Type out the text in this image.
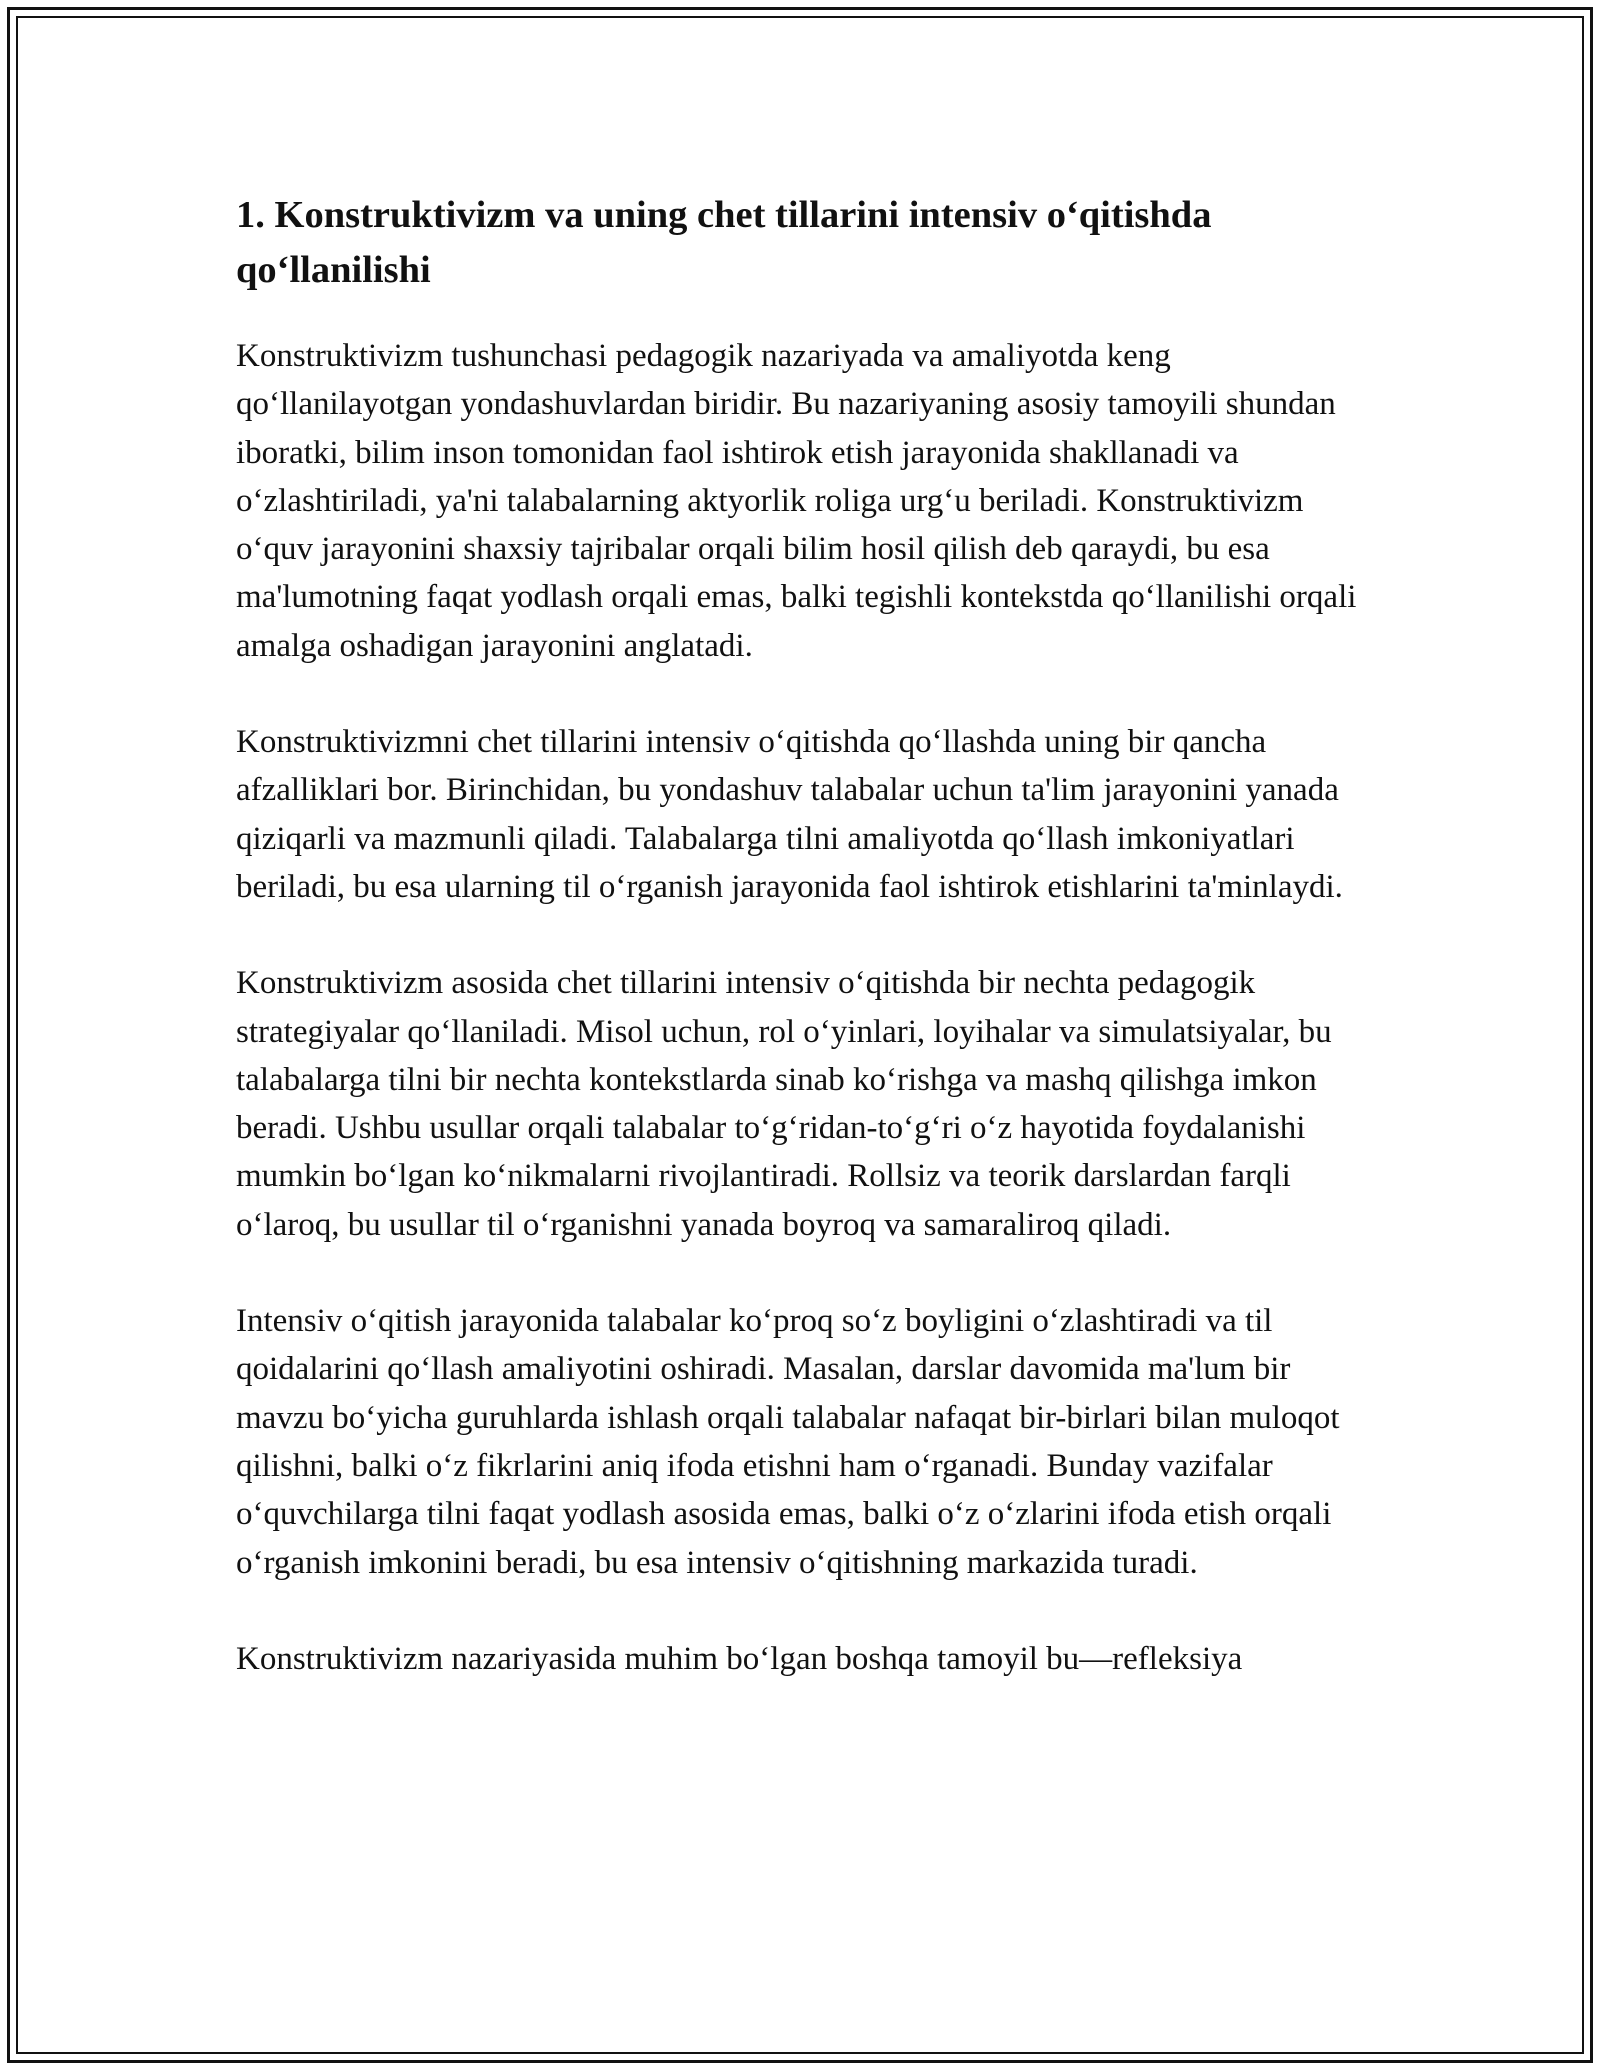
1. Konstruktivizm va uning chet tillarini intensiv o‘qitishda qo‘llanilishi

Konstruktivizm tushunchasi pedagogik nazariyada va amaliyotda keng qo‘llanilayotgan yondashuvlardan biridir. Bu nazariyaning asosiy tamoyili shundan iboratki, bilim inson tomonidan faol ishtirok etish jarayonida shakllanadi va o‘zlashtiriladi, ya'ni talabalarning aktyorlik roliga urg‘u beriladi. Konstruktivizm o‘quv jarayonini shaxsiy tajribalar orqali bilim hosil qilish deb qaraydi, bu esa ma'lumotning faqat yodlash orqali emas, balki tegishli kontekstda qo‘llanilishi orqali amalga oshadigan jarayonini anglatadi.

Konstruktivizmni chet tillarini intensiv o‘qitishda qo‘llashda uning bir qancha afzalliklari bor. Birinchidan, bu yondashuv talabalar uchun ta'lim jarayonini yanada qiziqarli va mazmunli qiladi. Talabalarga tilni amaliyotda qo‘llash imkoniyatlari beriladi, bu esa ularning til o‘rganish jarayonida faol ishtirok etishlarini ta'minlaydi.

Konstruktivizm asosida chet tillarini intensiv o‘qitishda bir nechta pedagogik strategiyalar qo‘llaniladi. Misol uchun, rol o‘yinlari, loyihalar va simulatsiyalar, bu talabalarga tilni bir nechta kontekstlarda sinab ko‘rishga va mashq qilishga imkon beradi. Ushbu usullar orqali talabalar to‘g‘ridan-to‘g‘ri o‘z hayotida foydalanishi mumkin bo‘lgan ko‘nikmalarni rivojlantiradi. Rollsiz va teorik darslardan farqli o‘laroq, bu usullar til o‘rganishni yanada boyroq va samaraliroq qiladi.

Intensiv o‘qitish jarayonida talabalar ko‘proq so‘z boyligini o‘zlashtiradi va til qoidalarini qo‘llash amaliyotini oshiradi. Masalan, darslar davomida ma'lum bir mavzu bo‘yicha guruhlarda ishlash orqali talabalar nafaqat bir-birlari bilan muloqot qilishni, balki o‘z fikrlarini aniq ifoda etishni ham o‘rganadi. Bunday vazifalar o‘quvchilarga tilni faqat yodlash asosida emas, balki o‘z o‘zlarini ifoda etish orqali o‘rganish imkonini beradi, bu esa intensiv o‘qitishning markazida turadi.

Konstruktivizm nazariyasida muhim bo‘lgan boshqa tamoyil bu—refleksiya
